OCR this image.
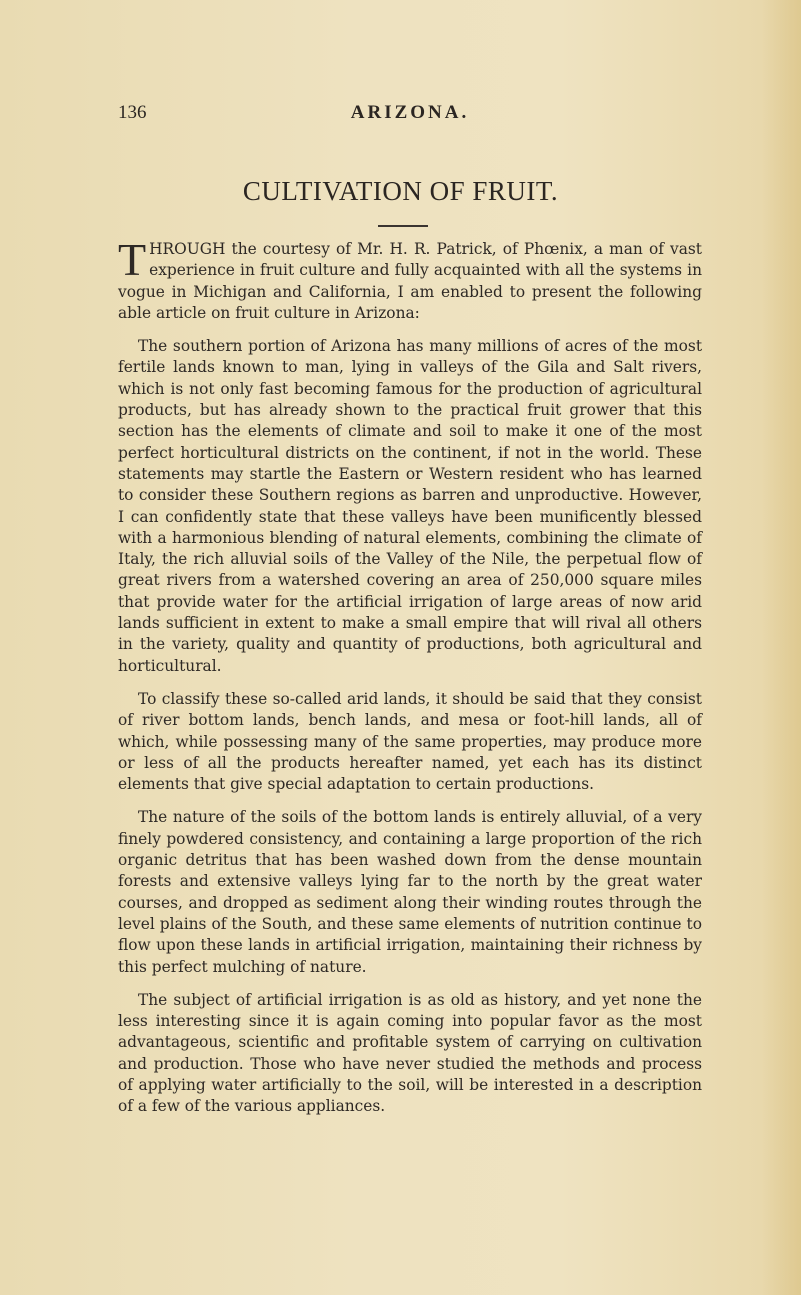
136	ARIZONA.
CULTIVATION OF FRUIT.

THROUGH the courtesy of Mr. H. R. Patrick, of Phœnix, a man of vast experience in fruit culture and fully acquainted with all the systems in vogue in Michigan and California, I am enabled to present the following able article on fruit culture in Arizona:

The southern portion of Arizona has many millions of acres of the most fertile lands known to man, lying in valleys of the Gila and Salt rivers, which is not only fast becoming famous for the production of agricultural products, but has already shown to the practical fruit grower that this section has the elements of climate and soil to make it one of the most perfect horticultural districts on the continent, if not in the world. These statements may startle the Eastern or Western resident who has learned to consider these Southern regions as barren and unproductive. However, I can confidently state that these valleys have been munificently blessed with a harmonious blending of natural elements, combining the climate of Italy, the rich alluvial soils of the Valley of the Nile, the perpetual flow of great rivers from a watershed covering an area of 250,000 square miles that provide water for the artificial irrigation of large areas of now arid lands sufficient in extent to make a small empire that will rival all others in the variety, quality and quantity of productions, both agricultural and horticultural.

To classify these so-called arid lands, it should be said that they consist of river bottom lands, bench lands, and mesa or foot-hill lands, all of which, while possessing many of the same properties, may produce more or less of all the products hereafter named, yet each has its distinct elements that give special adaptation to certain productions.

The nature of the soils of the bottom lands is entirely alluvial, of a very finely powdered consistency, and containing a large proportion of the rich organic detritus that has been washed down from the dense mountain forests and extensive valleys lying far to the north by the great water courses, and dropped as sediment along their winding routes through the level plains of the South, and these same elements of nutrition continue to flow upon these lands in artificial irrigation, maintaining their richness by this perfect mulching of nature.

The subject of artificial irrigation is as old as history, and yet none the less interesting since it is again coming into popular favor as the most advantageous, scientific and profitable system of carrying on cultivation and production. Those who have never studied the methods and process of applying water artificially to the soil, will be interested in a description of a few of the various appliances.
